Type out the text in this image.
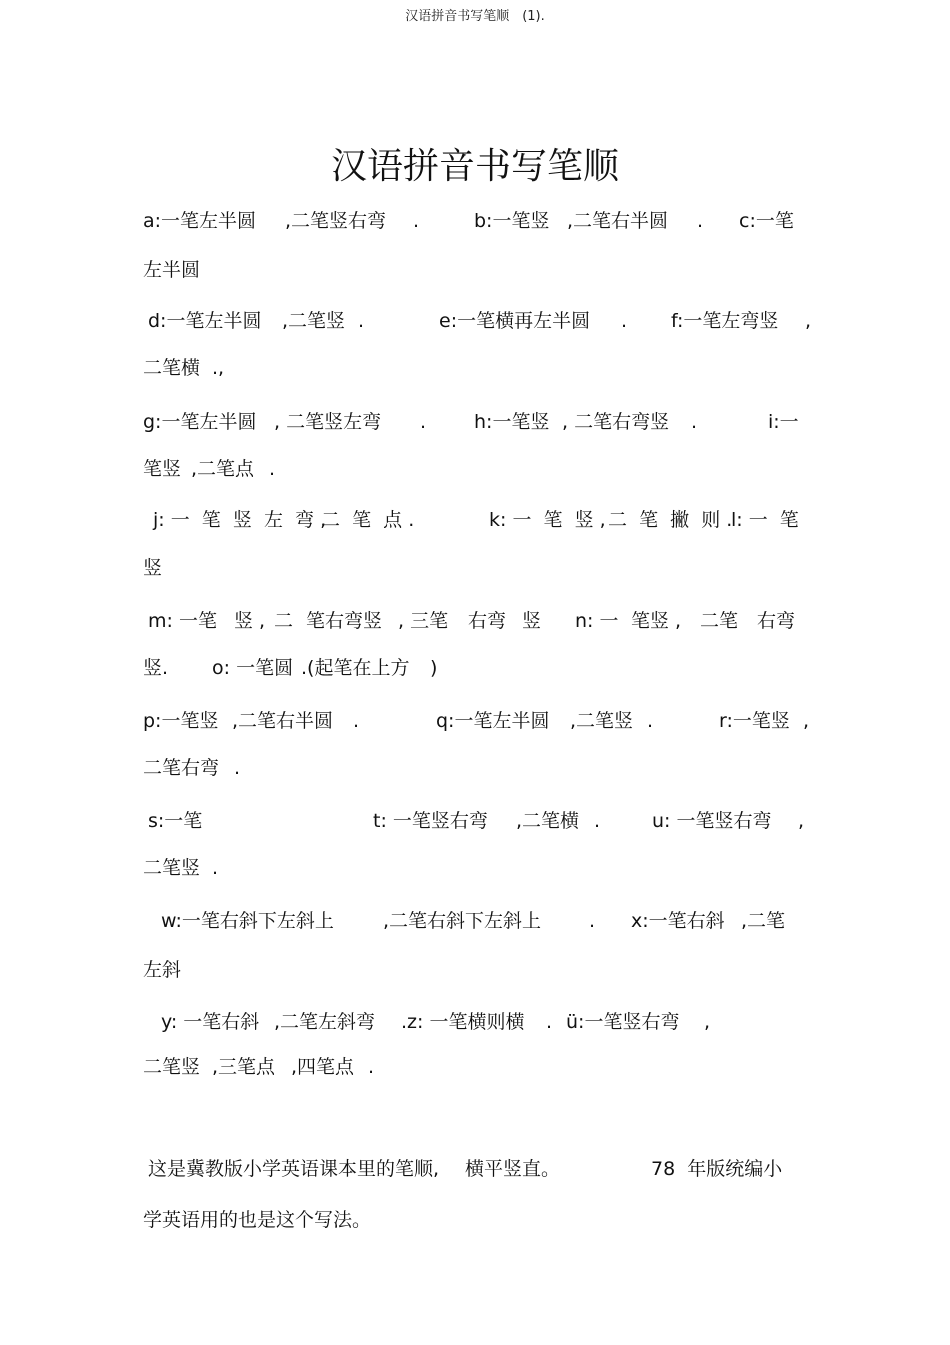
汉语拼音书写笔顺　(1).
汉语拼音书写笔顺

a:一笔左半圆

,二笔竖右弯

.

	b:一笔竖

,二笔右半圆

.

c:一笔

左半圆

d:一笔左半圆

,二笔竖

.

	e:一笔横再左半圆

.

f:一笔左弯竖

,

二笔横

.,

g:一笔左半圆

, 二笔竖左弯

.

	h:一笔竖

, 二笔右弯竖

.

	i:一

笔竖

,二笔点

.

j: 一  笔  竖  左  弯 ,

二  笔  点 .

	k: 一  笔  竖 ,

二  笔  撇  则 .

l: 一  笔

竖

m: 一笔

竖 ,

二

笔右弯竖

, 三笔

右弯

竖

n: 一

笔竖 ,

二笔

右弯

竖.

o: 一笔圆

.(起笔在上方

)

p:一笔竖

,二笔右半圆

.

	q:一笔左半圆

,二笔竖

.

	r:一笔竖

,

二笔右弯

.

s:一笔

	t: 一笔竖右弯

,二笔横

.

	u: 一笔竖右弯

,

二笔竖

.

w:一笔右斜下左斜上

	,二笔右斜下左斜上

	.

x:一笔右斜

,二笔

左斜

y: 一笔右斜

,二笔左斜弯

.z: 一笔横则横

.

ü:一笔竖右弯

,

二笔竖

,三笔点

,四笔点

.

这是冀教版小学英语课本里的笔顺,

横平竖直。

	78  年版统编小

学英语用的也是这个写法。
